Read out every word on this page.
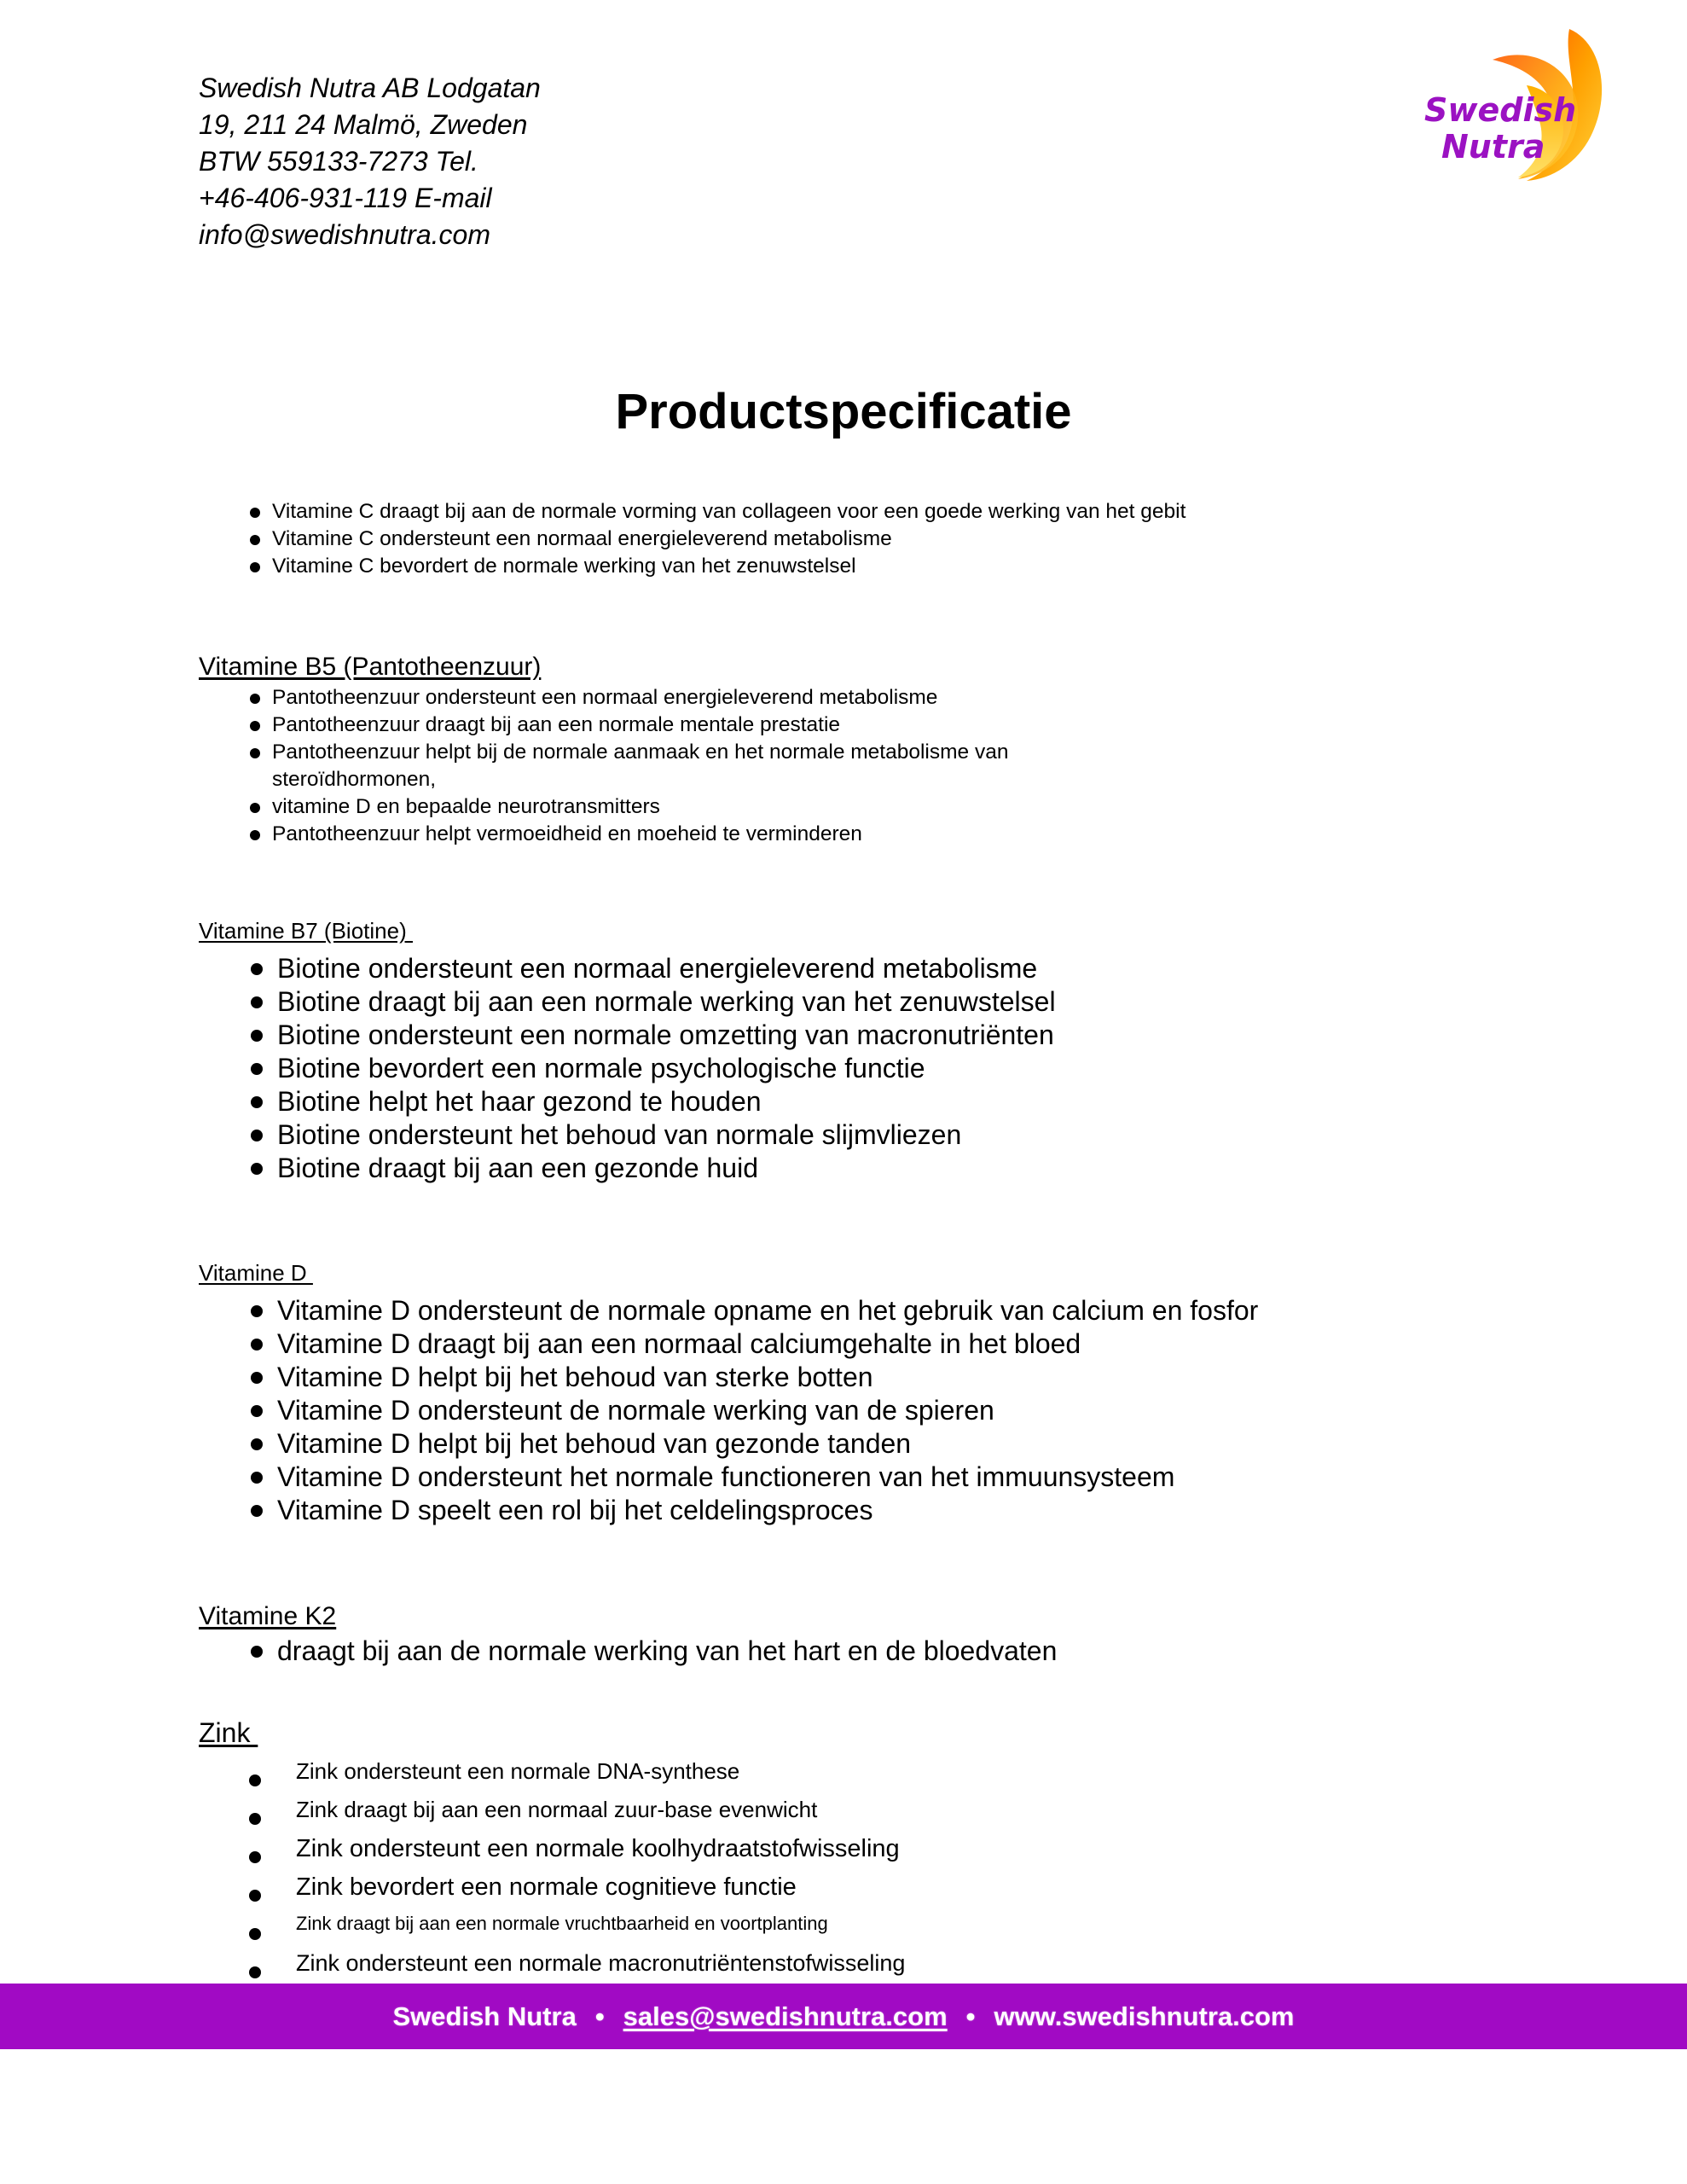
Swedish Nutra AB Lodgatan
19, 211 24 Malmö, Zweden
BTW 559133-7273 Tel.
+46-406-931-119 E-mail
info@swedishnutra.com
Swedish
Nutra
Productspecificatie
Vitamine C draagt bij aan de normale vorming van collageen voor een goede werking van het gebit
Vitamine C ondersteunt een normaal energieleverend metabolisme
Vitamine C bevordert de normale werking van het zenuwstelsel

Vitamine B5 (Pantotheenzuur)

Pantotheenzuur ondersteunt een normaal energieleverend metabolisme
Pantotheenzuur draagt bij aan een normale mentale prestatie
Pantotheenzuur helpt bij de normale aanmaak en het normale metabolisme van
steroïdhormonen,
vitamine D en bepaalde neurotransmitters
Pantotheenzuur helpt vermoeidheid en moeheid te verminderen

Vitamine B7 (Biotine)

Biotine ondersteunt een normaal energieleverend metabolisme
Biotine draagt bij aan een normale werking van het zenuwstelsel
Biotine ondersteunt een normale omzetting van macronutriënten
Biotine bevordert een normale psychologische functie
Biotine helpt het haar gezond te houden
Biotine ondersteunt het behoud van normale slijmvliezen
Biotine draagt bij aan een gezonde huid

Vitamine D

Vitamine D ondersteunt de normale opname en het gebruik van calcium en fosfor
Vitamine D draagt bij aan een normaal calciumgehalte in het bloed
Vitamine D helpt bij het behoud van sterke botten
Vitamine D ondersteunt de normale werking van de spieren
Vitamine D helpt bij het behoud van gezonde tanden
Vitamine D ondersteunt het normale functioneren van het immuunsysteem
Vitamine D speelt een rol bij het celdelingsproces

Vitamine K2

draagt bij aan de normale werking van het hart en de bloedvaten

Zink

Zink ondersteunt een normale DNA-synthese
Zink draagt bij aan een normaal zuur-base evenwicht
Zink ondersteunt een normale koolhydraatstofwisseling
Zink bevordert een normale cognitieve functie
Zink draagt bij aan een normale vruchtbaarheid en voortplanting
Zink ondersteunt een normale macronutriëntenstofwisseling
Swedish Nutra • sales@swedishnutra.com • www.swedishnutra.com
